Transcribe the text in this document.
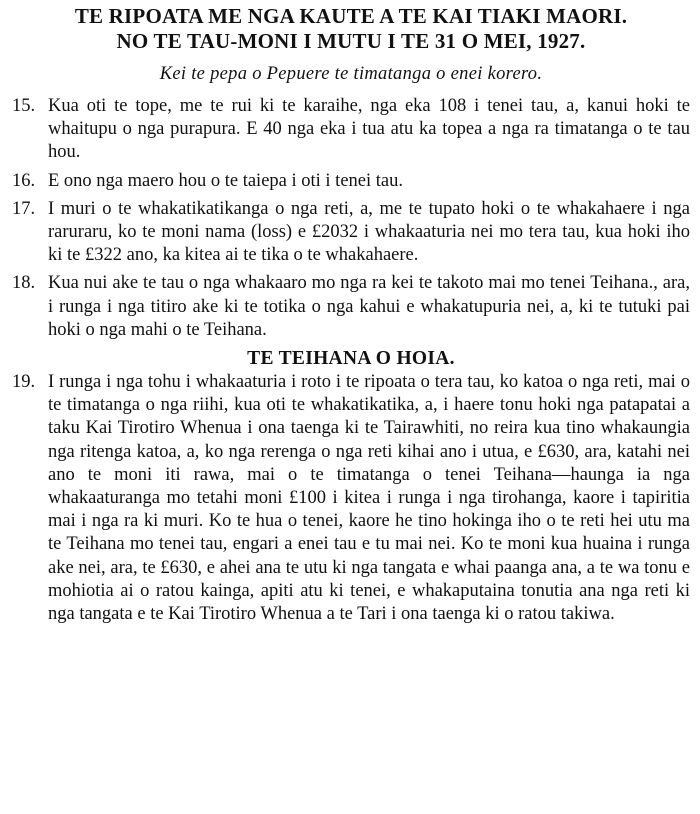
TE RIPOATA ME NGA KAUTE A TE KAI TIAKI MAORI.
NO TE TAU-MONI I MUTU I TE 31 O MEI, 1927.

Kei te pepa o Pepuere te timatanga o enei korero.

15. Kua oti te tope, me te rui ki te karaihe, nga eka 108 i tenei tau, a, kanui hoki te whaitupu o nga purapura. E 40 nga eka i tua atu ka topea a nga ra timatanga o te tau hou.
16. E ono nga maero hou o te taiepa i oti i tenei tau.
17. I muri o te whakatikatikanga o nga reti, a, me te tupato hoki o te whakahaere i nga raruraru, ko te moni nama (loss) e £2032 i whakaaturia nei mo tera tau, kua hoki iho ki te £322 ano, ka kitea ai te tika o te whakahaere.
18. Kua nui ake te tau o nga whakaaro mo nga ra kei te takoto mai mo tenei Teihana., ara, i runga i nga titiro ake ki te totika o nga kahui e whakatupuria nei, a, ki te tutuki pai hoki o nga mahi o te Teihana.
TE TEIHANA O HOIA.
19. I runga i nga tohu i whakaaturia i roto i te ripoata o tera tau, ko katoa o nga reti, mai o te timatanga o nga riihi, kua oti te whakatikatika, a, i haere tonu hoki nga patapatai a taku Kai Tirotiro Whenua i ona taenga ki te Tairawhiti, no reira kua tino whakaungia nga ritenga katoa, a, ko nga rerenga o nga reti kihai ano i utua, e £630, ara, katahi nei ano te moni iti rawa, mai o te timatanga o tenei Teihana—haunga ia nga whakaaturanga mo tetahi moni £100 i kitea i runga i nga tirohanga, kaore i tapiritia mai i nga ra ki muri. Ko te hua o tenei, kaore he tino hokinga iho o te reti hei utu ma te Teihana mo tenei tau, engari a enei tau e tu mai nei. Ko te moni kua huaina i runga ake nei, ara, te £630, e ahei ana te utu ki nga tangata e whai paanga ana, a te wa tonu e mohiotia ai o ratou kainga, apiti atu ki tenei, e whakaputaina tonutia ana nga reti ki nga tangata e te Kai Tirotiro Whenua a te Tari i ona taenga ki o ratou takiwa.
